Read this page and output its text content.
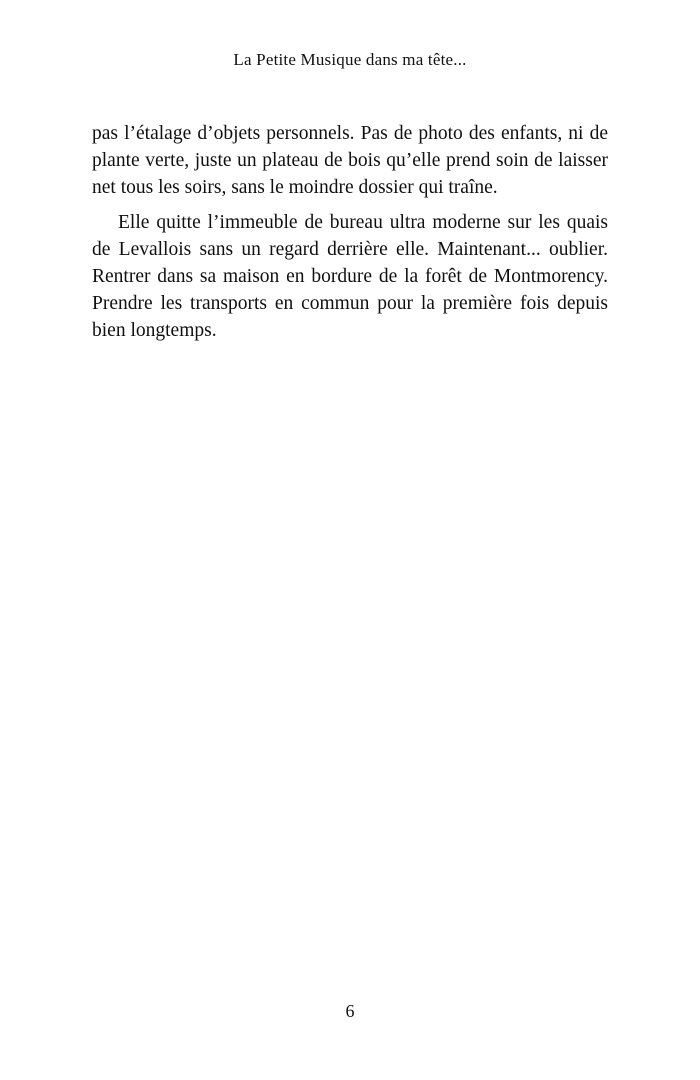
La Petite Musique dans ma tête...

pas l’étalage d’objets personnels. Pas de photo des enfants, ni de plante verte, juste un plateau de bois qu’elle prend soin de laisser net tous les soirs, sans le moindre dossier qui traîne.

Elle quitte l’immeuble de bureau ultra moderne sur les quais de Levallois sans un regard derrière elle. Maintenant... oublier. Rentrer dans sa maison en bordure de la forêt de Montmorency. Prendre les transports en commun pour la première fois depuis bien longtemps.

6
